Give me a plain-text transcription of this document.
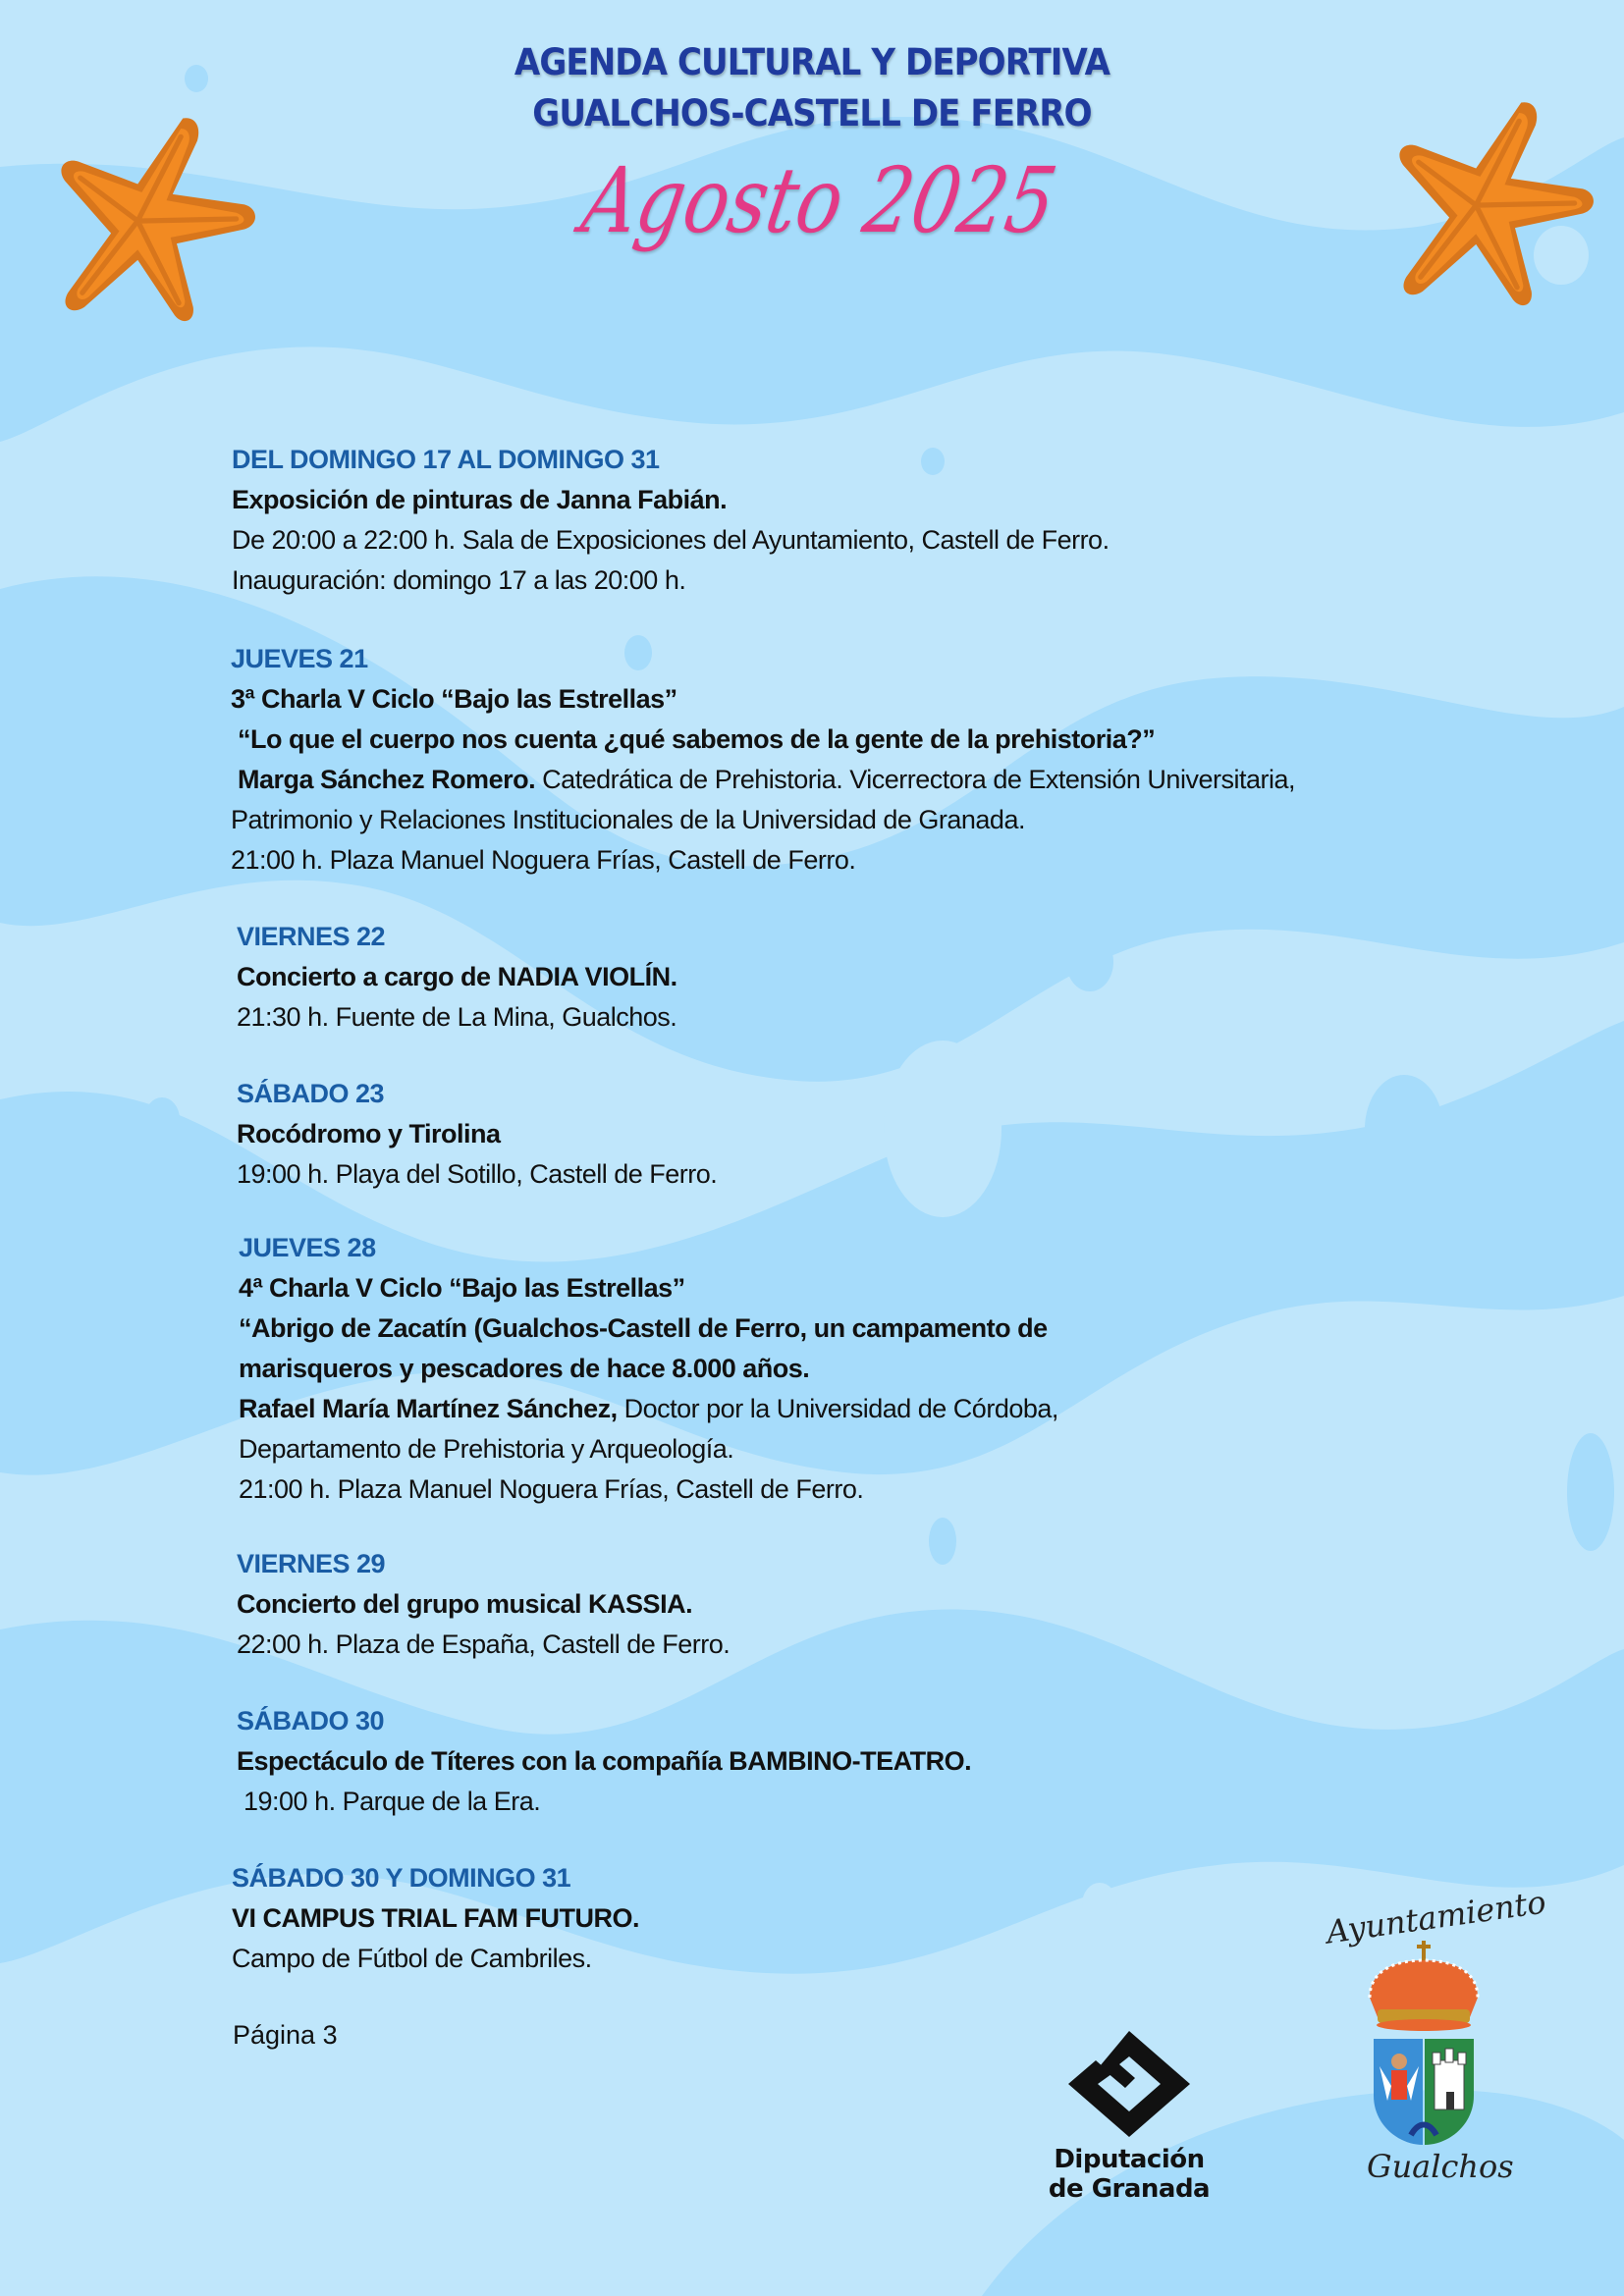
AGENDA CULTURAL Y DEPORTIVA
GUALCHOS-CASTELL DE FERRO
Agosto 2025
DEL DOMINGO 17 AL DOMINGO 31
Exposición de pinturas de Janna Fabián.
De 20:00 a 22:00 h. Sala de Exposiciones del Ayuntamiento, Castell de Ferro.
Inauguración: domingo 17 a las 20:00 h.
JUEVES 21
3ª Charla V Ciclo “Bajo las Estrellas”
“Lo que el cuerpo nos cuenta ¿qué sabemos de la gente de la prehistoria?”
Marga Sánchez Romero. Catedrática de Prehistoria. Vicerrectora de Extensión Universitaria,
Patrimonio y Relaciones Institucionales de la Universidad de Granada.
21:00 h. Plaza Manuel Noguera Frías, Castell de Ferro.
VIERNES 22
Concierto a cargo de NADIA VIOLÍN.
21:30 h. Fuente de La Mina, Gualchos.
SÁBADO 23
Rocódromo y Tirolina
19:00 h. Playa del Sotillo, Castell de Ferro.
JUEVES 28
4ª Charla V Ciclo “Bajo las Estrellas”
“Abrigo de Zacatín (Gualchos-Castell de Ferro, un campamento de
marisqueros y pescadores de hace 8.000 años.
Rafael María Martínez Sánchez, Doctor por la Universidad de Córdoba,
Departamento de Prehistoria y Arqueología.
21:00 h. Plaza Manuel Noguera Frías, Castell de Ferro.
VIERNES 29
Concierto del grupo musical KASSIA.
22:00 h. Plaza de España, Castell de Ferro.
SÁBADO 30
Espectáculo de Títeres con la compañía BAMBINO-TEATRO.
19:00 h. Parque de la Era.
SÁBADO 30 Y DOMINGO 31
VI CAMPUS TRIAL FAM FUTURO.
Campo de Fútbol de Cambriles.
Página 3
Diputación
de Granada
Ayuntamiento
Gualchos
